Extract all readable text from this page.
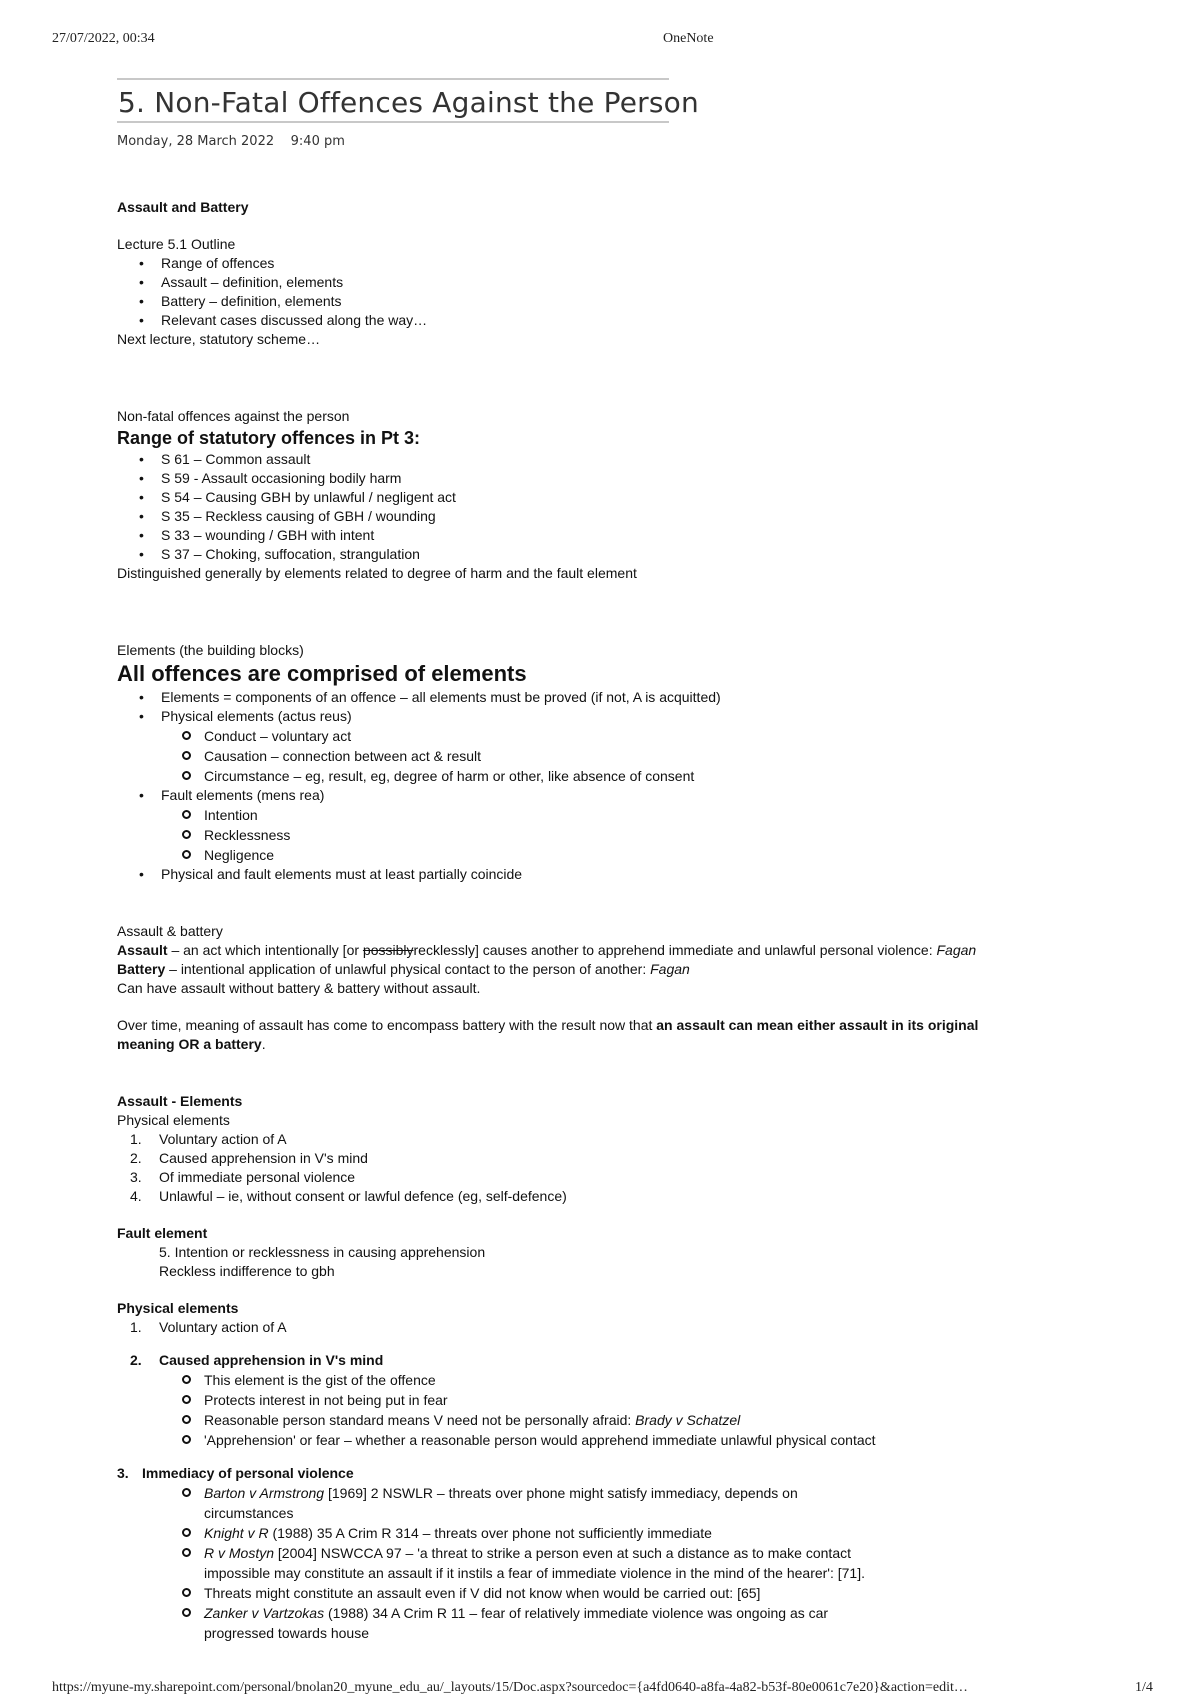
27/07/2022, 00:34	OneNote
5. Non-Fatal Offences Against the Person
Monday, 28 March 2022 9:40 pm
Assault and Battery
Lecture 5.1 Outline
• Range of offences
• Assault – definition, elements
• Battery – definition, elements
• Relevant cases discussed along the way…
Next lecture, statutory scheme…
Non-fatal offences against the person
Range of statutory offences in Pt 3:
• S 61 – Common assault
• S 59 - Assault occasioning bodily harm
• S 54 – Causing GBH by unlawful / negligent act
• S 35 – Reckless causing of GBH / wounding
• S 33 – wounding / GBH with intent
• S 37 – Choking, suffocation, strangulation
Distinguished generally by elements related to degree of harm and the fault element
Elements (the building blocks)
All offences are comprised of elements
• Elements = components of an offence – all elements must be proved (if not, A is acquitted)
• Physical elements (actus reus)
Conduct – voluntary act
Causation – connection between act & result
Circumstance – eg, result, eg, degree of harm or other, like absence of consent
• Fault elements (mens rea)
Intention
Recklessness
Negligence
• Physical and fault elements must at least partially coincide
Assault & battery
Assault – an act which intentionally [or possiblyrecklessly] causes another to apprehend immediate and unlawful personal violence: Fagan
Battery – intentional application of unlawful physical contact to the person of another: Fagan
Can have assault without battery & battery without assault.
Over time, meaning of assault has come to encompass battery with the result now that an assault can mean either assault in its original meaning OR a battery.
Assault - Elements
Physical elements
1. Voluntary action of A
2. Caused apprehension in V's mind
3. Of immediate personal violence
4. Unlawful – ie, without consent or lawful defence (eg, self-defence)
Fault element
5. Intention or recklessness in causing apprehension
Reckless indifference to gbh
Physical elements
1. Voluntary action of A
2. Caused apprehension in V's mind
This element is the gist of the offence
Protects interest in not being put in fear
Reasonable person standard means V need not be personally afraid: Brady v Schatzel
'Apprehension' or fear – whether a reasonable person would apprehend immediate unlawful physical contact
3. Immediacy of personal violence
Barton v Armstrong [1969] 2 NSWLR – threats over phone might satisfy immediacy, depends on circumstances
Knight v R (1988) 35 A Crim R 314 – threats over phone not sufficiently immediate
R v Mostyn [2004] NSWCCA 97 – 'a threat to strike a person even at such a distance as to make contact impossible may constitute an assault if it instils a fear of immediate violence in the mind of the hearer': [71].
Threats might constitute an assault even if V did not know when would be carried out: [65]
Zanker v Vartzokas (1988) 34 A Crim R 11 – fear of relatively immediate violence was ongoing as car progressed towards house
https://myune-my.sharepoint.com/personal/bnolan20_myune_edu_au/_layouts/15/Doc.aspx?sourcedoc={a4fd0640-a8fa-4a82-b53f-80e0061c7e20}&action=edit…	1/4
